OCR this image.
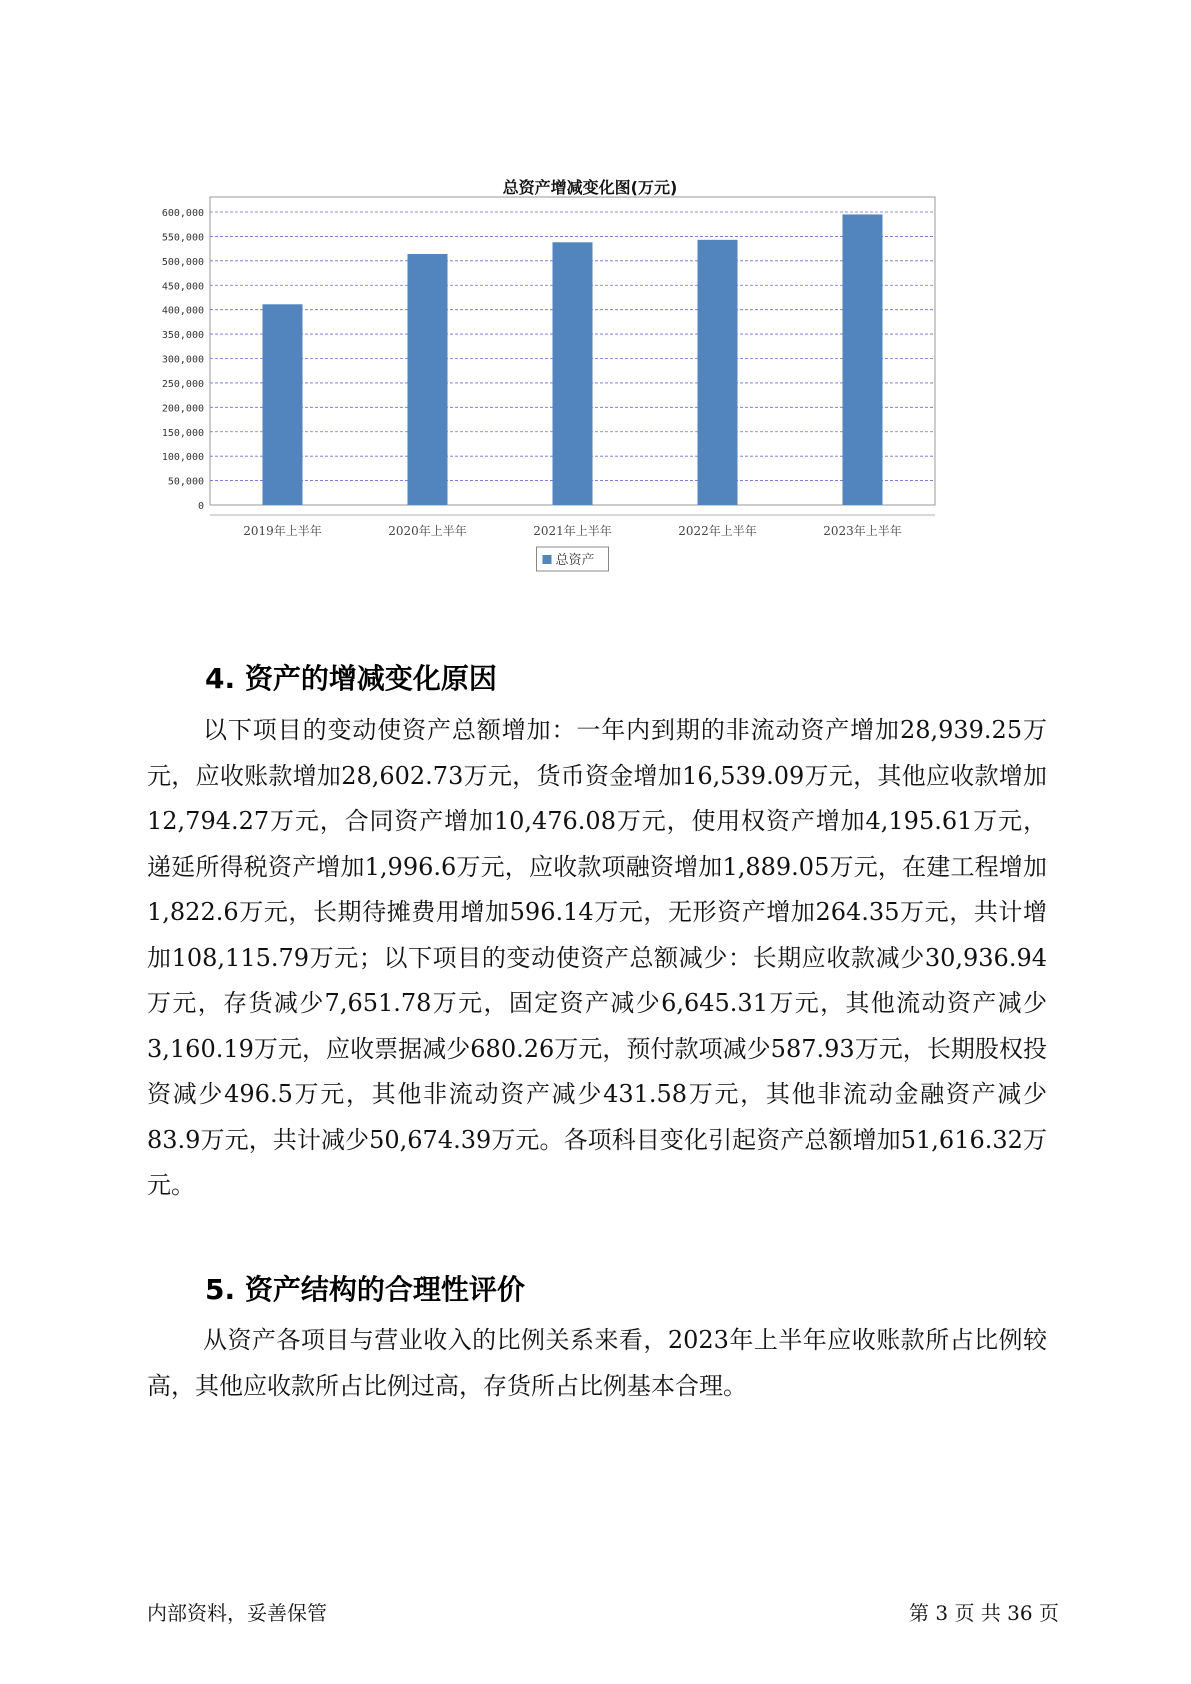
总资产增减变化图(万元)
0
50,000
100,000
150,000
200,000
250,000
300,000
350,000
400,000
450,000
500,000
550,000
600,000
2019年上半年	2020年上半年	2021年上半年	2022年上半年	2023年上半年
总资产
4. 资产的增减变化原因

以下项目的变动使资产总额增加：一年内到期的非流动资产增加28,939.25万元，应收账款增加28,602.73万元，货币资金增加16,539.09万元，其他应收款增加12,794.27万元，合同资产增加10,476.08万元，使用权资产增加4,195.61万元，递延所得税资产增加1,996.6万元，应收款项融资增加1,889.05万元，在建工程增加1,822.6万元，长期待摊费用增加596.14万元，无形资产增加264.35万元，共计增加108,115.79万元；以下项目的变动使资产总额减少：长期应收款减少30,936.94万元，存货减少7,651.78万元，固定资产减少6,645.31万元，其他流动资产减少3,160.19万元，应收票据减少680.26万元，预付款项减少587.93万元，长期股权投资减少496.5万元，其他非流动资产减少431.58万元，其他非流动金融资产减少83.9万元，共计减少50,674.39万元。各项科目变化引起资产总额增加51,616.32万元。

5. 资产结构的合理性评价

从资产各项目与营业收入的比例关系来看，2023年上半年应收账款所占比例较高，其他应收款所占比例过高，存货所占比例基本合理。

内部资料，妥善保管	第 3 页 共 36 页
